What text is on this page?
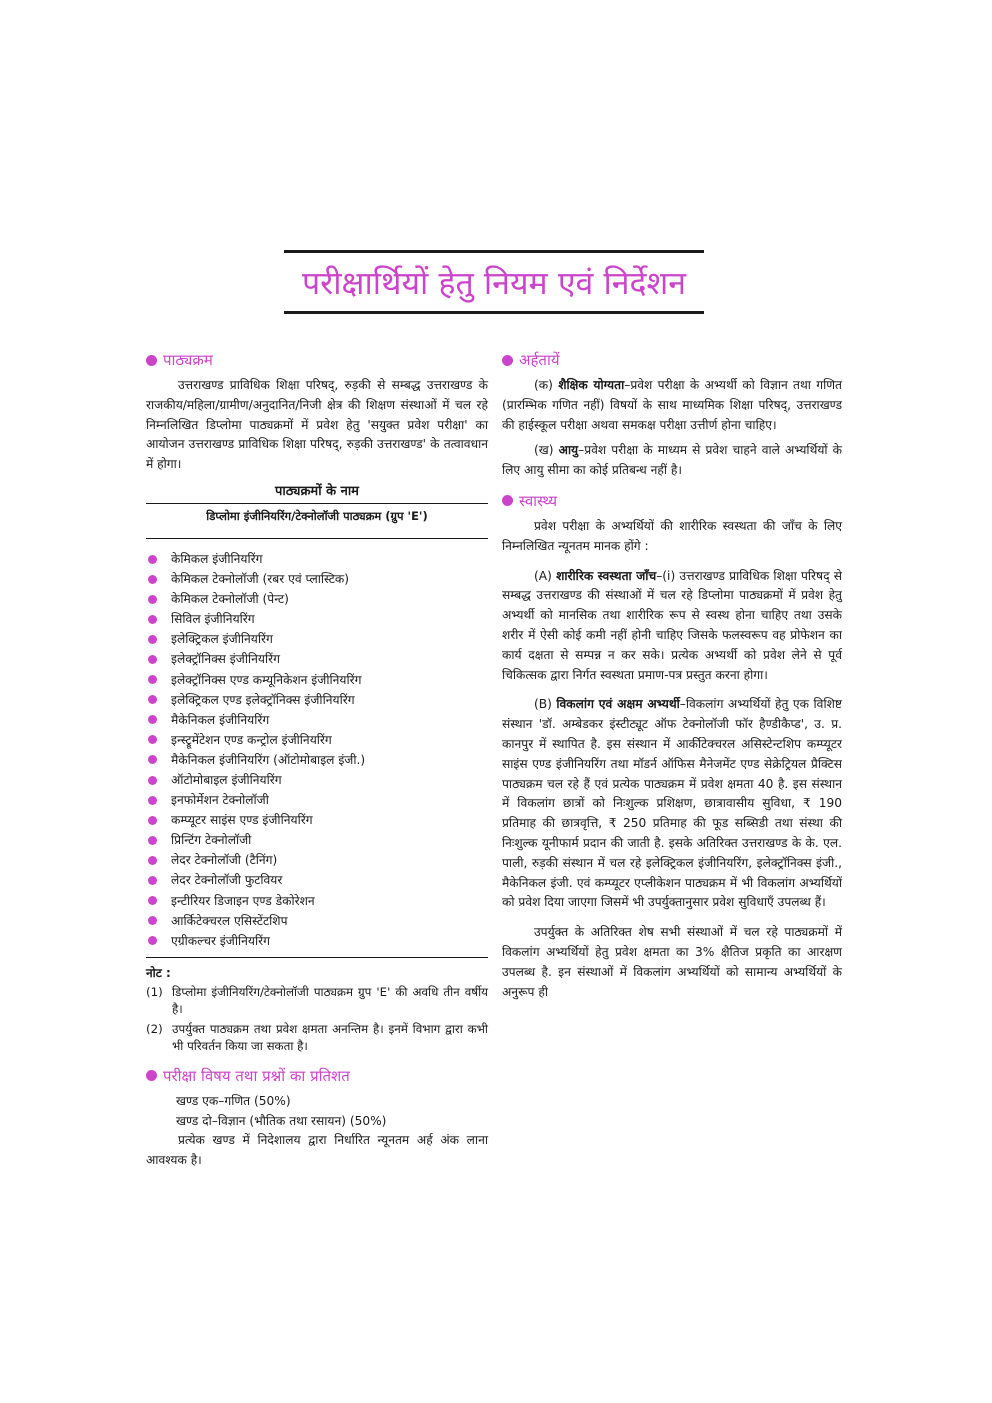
परीक्षार्थियों हेतु नियम एवं निर्देशन
पाठ्यक्रम

उत्तराखण्ड प्राविधिक शिक्षा परिषद्, रुड़की से सम्बद्ध उत्तराखण्ड के राजकीय/महिला/ग्रामीण/अनुदानित/निजी क्षेत्र की शिक्षण संस्थाओं में चल रहे निम्नलिखित डिप्लोमा पाठ्यक्रमों में प्रवेश हेतु 'सयुक्त प्रवेश परीक्षा' का आयोजन उत्तराखण्ड प्राविधिक शिक्षा परिषद्, रुड़की उत्तराखण्ड' के तत्वावधान में होगा।

पाठ्यक्रमों के नाम
डिप्लोमा इंजीनियरिंग/टेक्नोलॉजी पाठ्यक्रम (ग्रुप 'E')
केमिकल इंजीनियरिंग
केमिकल टेक्नोलॉजी (रबर एवं प्लास्टिक)
केमिकल टेक्नोलॉजी (पेन्ट)
सिविल इंजीनियरिंग
इलेक्ट्रिकल इंजीनियरिंग
इलेक्ट्रॉनिक्स इंजीनियरिंग
इलेक्ट्रॉनिक्स एण्ड कम्यूनिकेशन इंजीनियरिंग
इलेक्ट्रिकल एण्ड इलेक्ट्रॉनिक्स इंजीनियरिंग
मैकेनिकल इंजीनियरिंग
इन्स्ट्रूमेंटेशन एण्ड कन्ट्रोल इंजीनियरिंग
मैकेनिकल इंजीनियरिंग (ऑटोमोबाइल इंजी.)
ऑटोमोबाइल इंजीनियरिंग
इनफोर्मेशन टेक्नोलॉजी
कम्प्यूटर साइंस एण्ड इंजीनियरिंग
प्रिन्टिंग टेक्नोलॉजी
लेदर टेक्नोलॉजी (टैनिंग)
लेदर टेक्नोलॉजी फुटवियर
इन्टीरियर डिजाइन एण्ड डेकोरेशन
आर्किटेक्चरल एसिस्टेंटशिप
एग्रीकल्चर इंजीनियरिंग
नोट :
(1) डिप्लोमा इंजीनियरिंग/टेक्नोलॉजी पाठ्यक्रम ग्रुप 'E' की अवधि तीन वर्षीय है।
(2) उपर्युक्त पाठ्यक्रम तथा प्रवेश क्षमता अनन्तिम है। इनमें विभाग द्वारा कभी भी परिवर्तन किया जा सकता है।
परीक्षा विषय तथा प्रश्नों का प्रतिशत
खण्ड एक–गणित (50%)
खण्ड दो–विज्ञान (भौतिक तथा रसायन) (50%)

प्रत्येक खण्ड में निदेशालय द्वारा निर्धारित न्यूनतम अर्ह अंक लाना आवश्यक है।

अर्हतायें

(क) शैक्षिक योग्यता–प्रवेश परीक्षा के अभ्यर्थी को विज्ञान तथा गणित (प्रारम्भिक गणित नहीं) विषयों के साथ माध्यमिक शिक्षा परिषद्, उत्तराखण्ड की हाईस्कूल परीक्षा अथवा समकक्ष परीक्षा उत्तीर्ण होना चाहिए।

(ख) आयु–प्रवेश परीक्षा के माध्यम से प्रवेश चाहने वाले अभ्यर्थियों के लिए आयु सीमा का कोई प्रतिबन्ध नहीं है।

स्वास्थ्य

प्रवेश परीक्षा के अभ्यर्थियों की शारीरिक स्वस्थता की जाँच के लिए निम्नलिखित न्यूनतम मानक होंगे :

(A) शारीरिक स्वस्थता जाँच–(i) उत्तराखण्ड प्राविधिक शिक्षा परिषद् से सम्बद्ध उत्तराखण्ड की संस्थाओं में चल रहे डिप्लोमा पाठ्यक्रमों में प्रवेश हेतु अभ्यर्थी को मानसिक तथा शारीरिक रूप से स्वस्थ होना चाहिए तथा उसके शरीर में ऐसी कोई कमी नहीं होनी चाहिए जिसके फलस्वरूप वह प्रोफेशन का कार्य दक्षता से सम्पन्न न कर सके। प्रत्येक अभ्यर्थी को प्रवेश लेने से पूर्व चिकित्सक द्वारा निर्गत स्वस्थता प्रमाण-पत्र प्रस्तुत करना होगा।

(B) विकलांग एवं अक्षम अभ्यर्थी–विकलांग अभ्यर्थियों हेतु एक विशिष्ट संस्थान 'डॉ. अम्बेडकर इंस्टीट्यूट ऑफ टेक्नोलॉजी फॉर हैण्डीकैप्ड', उ. प्र. कानपुर में स्थापित है. इस संस्थान में आर्कीटेक्चरल असिस्टेन्टशिप कम्प्यूटर साइंस एण्ड इंजीनियरिंग तथा मॉडर्न ऑफिस मैनेजमेंट एण्ड सेक्रेट्रियल प्रैक्टिस पाठ्यक्रम चल रहे हैं एवं प्रत्येक पाठ्यक्रम में प्रवेश क्षमता 40 है. इस संस्थान में विकलांग छात्रों को निःशुल्क प्रशिक्षण, छात्रावासीय सुविधा, ₹ 190 प्रतिमाह की छात्रवृत्ति, ₹ 250 प्रतिमाह की फूड सब्सिडी तथा संस्था की निःशुल्क यूनीफार्म प्रदान की जाती है. इसके अतिरिक्त उत्तराखण्ड के के. एल. पाली, रुड़की संस्थान में चल रहे इलेक्ट्रिकल इंजीनियरिंग, इलेक्ट्रॉनिक्स इंजी., मैकेनिकल इंजी. एवं कम्प्यूटर एप्लीकेशन पाठ्यक्रम में भी विकलांग अभ्यर्थियों को प्रवेश दिया जाएगा जिसमें भी उपर्युक्तानुसार प्रवेश सुविधाएँ उपलब्ध हैं।

उपर्युक्त के अतिरिक्त शेष सभी संस्थाओं में चल रहे पाठ्यक्रमों में विकलांग अभ्यर्थियों हेतु प्रवेश क्षमता का 3% क्षैतिज प्रकृति का आरक्षण उपलब्ध है. इन संस्थाओं में विकलांग अभ्यर्थियों को सामान्य अभ्यर्थियों के अनुरूप ही
